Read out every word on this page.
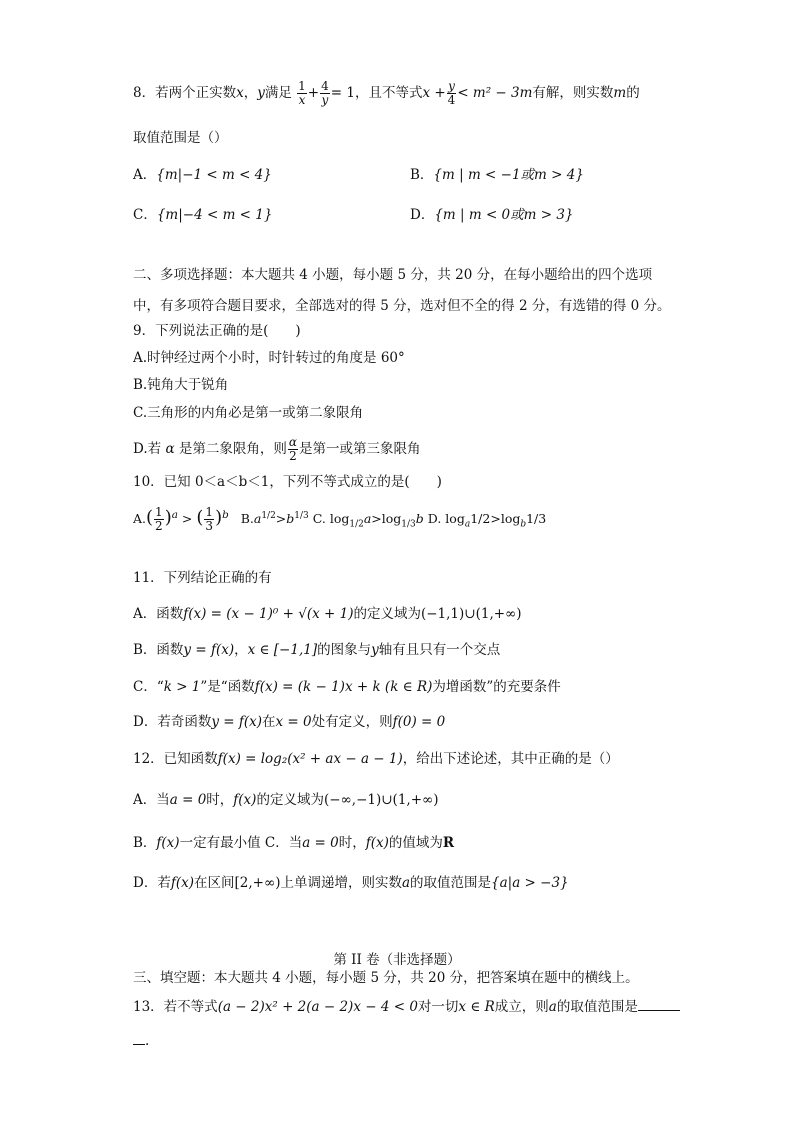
8．若两个正实数x，y满足 $\frac{1}{x} + \frac{4}{y} = 1$，且不等式$x + \frac{y}{4} < m^2 - 3m$有解，则实数m的
取值范围是（）
A．{m|−1 < m < 4}	B．{m | m < −1或m > 4}
C．{m|−4 < m < 1}	D．{m | m < 0或m > 3}
二、多项选择题：本大题共 4 小题，每小题 5 分，共 20 分，在每小题给出的四个选项
中，有多项符合题目要求，全部选对的得 5 分，选对但不全的得 2 分，有选错的得 0 分。
9．下列说法正确的是(　　)
A.时钟经过两个小时，时针转过的角度是 60°
B.钝角大于锐角
C.三角形的内角必是第一或第二象限角
D.若 α 是第二象限角，则 $\frac{\alpha}{2}$ 是第一或第三象限角
10．已知 0＜a＜b＜1，下列不等式成立的是(　　)
$A.( \frac{1}{2} )^a$ > ( $\frac{1}{3} )^b$ $B.a^{1/2}>b^{1/3}$ C. $\log_{1/2}a>\log_{1/3}b$ D. $\log_a1/2>\log_b1/3$
11．下列结论正确的有
A．函数f(x) = (x − 1)⁰ + √(x + 1)的定义域为(−1,1)∪(1,+∞)
B．函数y = f(x)，x ∈ [−1,1]的图象与y轴有且只有一个交点
C．“k > 1”是“函数f(x) = (k − 1)x + k (k ∈ R)为增函数”的充要条件
D．若奇函数y = f(x)在x = 0处有定义，则f(0) = 0
12．已知函数f(x) = log₂(x² + ax − a − 1)，给出下述论述，其中正确的是（）
A．当a = 0时，f(x)的定义域为(−∞,−1)∪(1,+∞)
B．f(x)一定有最小值 C．当a = 0时，f(x)的值域为R
D．若f(x)在区间[2,+∞)上单调递增，则实数a的取值范围是{a|a > −3}
第 II 卷（非选择题）
三、填空题：本大题共 4 小题，每小题 5 分，共 20 分，把答案填在题中的横线上。
13．若不等式(a − 2)x² + 2(a − 2)x − 4 < 0对一切x ∈ R成立，则a的取值范围是
.
